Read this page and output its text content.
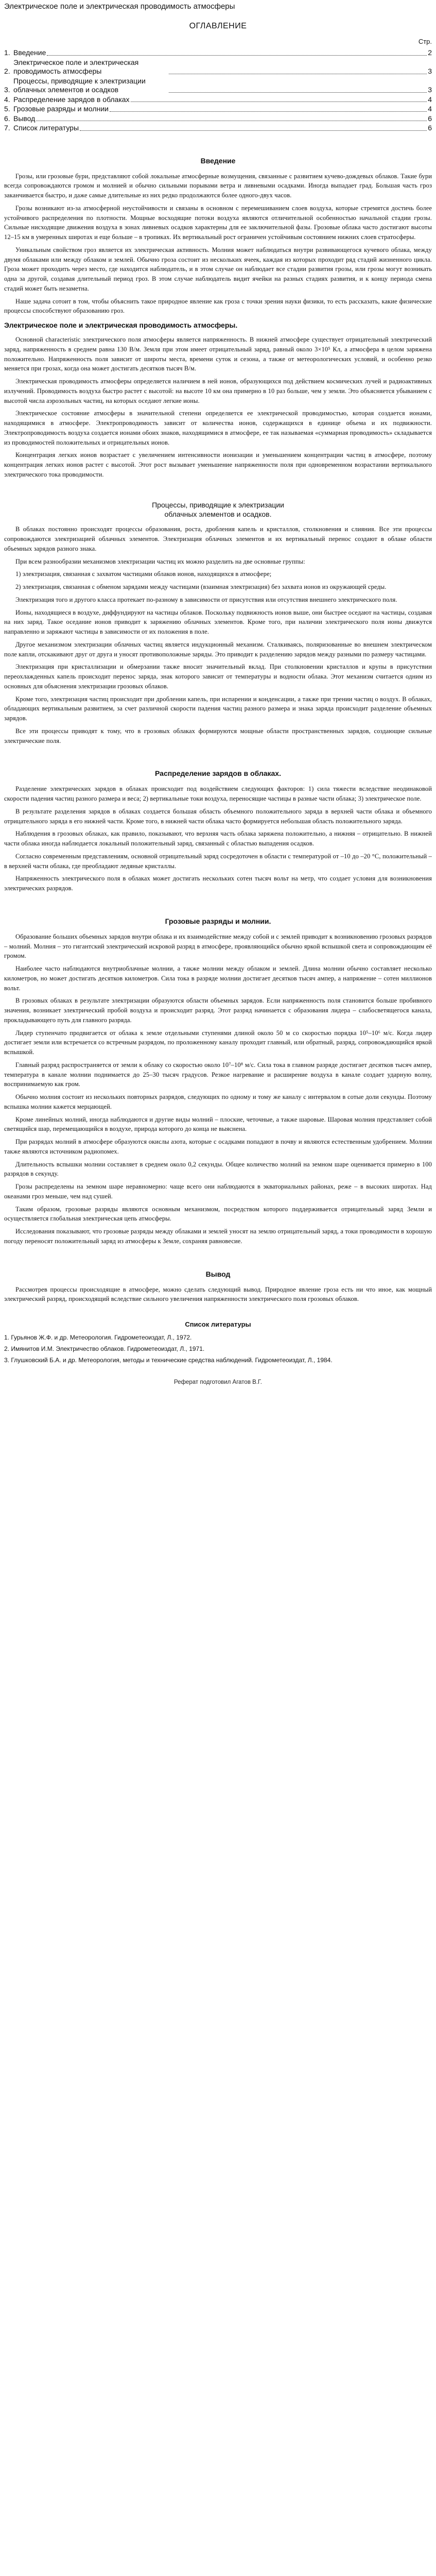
Электрическое поле и электрическая проводимость атмосферы
ОГЛАВЛЕНИЕ
Стр.
1. Введение	2
2.
Электрическое поле и электрическая проводимость атмосферы	3
3.
Процессы, приводящие к электризации облачных элементов и осадков	3
4. Распределение зарядов в облаках	4
5. Грозовые разряды и молнии	4
6. Вывод	6
7. Список литературы	6
Введение

Грозы, или грозовые бури, представляют собой локальные атмосферные возмущения, связанные с развитием кучево-дождевых облаков. Такие бури всегда сопровождаются громом и молнией и обычно сильными порывами ветра и ливневыми осадками. Иногда выпадает град. Большая часть гроз заканчивается быстро, и даже самые длительные из них редко продолжаются более одного-двух часов.

Грозы возникают из-за атмосферной неустойчивости и связаны в основном с перемешиванием слоев воздуха, которые стремятся достичь более устойчивого распределения по плотности. Мощные восходящие потоки воздуха являются отличительной особенностью начальной стадии грозы. Сильные нисходящие движения воздуха в зонах ливневых осадков характерны для ее заключительной фазы. Грозовые облака часто достигают высоты 12–15 км в умеренных широтах и еще больше – в тропиках. Их вертикальный рост ограничен устойчивым состоянием нижних слоев стратосферы.

Уникальным свойством гроз является их электрическая активность. Молния может наблюдаться внутри развивающегося кучевого облака, между двумя облаками или между облаком и землей. Обычно гроза состоит из нескольких ячеек, каждая из которых проходит ряд стадий жизненного цикла. Гроза может проходить через место, где находится наблюдатель, и в этом случае он наблюдает все стадии развития грозы, или грозы могут возникать одна за другой, создавая длительный период гроз. В этом случае наблюдатель видит ячейки на разных стадиях развития, и к концу периода смена стадий может быть незаметна.

Наше задача сотоит в том, чтобы объяснить такое природное явление как гроза с точки зрения науки физики, то есть рассказать, какие физические процессы способствуют образованию гроз.

Электрическое поле и электрическая проводимость атмосферы.

Основной characteristic электрического поля атмосферы является напряженность. В нижней атмосфере существует отрицательный электрический заряд, напряженность в среднем равна 130 В/м. Земля при этом имеет отрицательный заряд, равный около 3×10⁵ Кл, а атмосфера в целом заряжена положительно. Напряженность поля зависит от широты места, времени суток и сезона, а также от метеорологических условий, и особенно резко меняется при грозах, когда она может достигать десятков тысяч В/м.

Электрическая проводимость атмосферы определяется наличием в ней ионов, образующихся под действием космических лучей и радиоактивных излучений. Проводимость воздуха быстро растет с высотой: на высоте 10 км она примерно в 10 раз больше, чем у земли. Это объясняется убыванием с высотой числа аэрозольных частиц, на которых оседают легкие ионы.

Электрическое состояние атмосферы в значительной степени определяется ее электрической проводимостью, которая создается ионами, находящимися в атмосфере. Электропроводимость зависит от количества ионов, содержащихся в единице объема и их подвижности. Электропроводимость воздуха создается ионами обоих знаков, находящимися в атмосфере, ее так называемая «суммарная проводимость» складывается из проводимостей положительных и отрицательных ионов.

Концентрация легких ионов возрастает с увеличением интенсивности ионизации и уменьшением концентрации частиц в атмосфере, поэтому концентрация легких ионов растет с высотой. Этот рост вызывает уменьшение напряженности поля при одновременном возрастании вертикального электрического тока проводимости.

Процессы, приводящие к электризации
облачных элементов и осадков.

В облаках постоянно происходят процессы образования, роста, дробления капель и кристаллов, столкновения и слияния. Все эти процессы сопровождаются электризацией облачных элементов. Электризация облачных элементов и их вертикальный перенос создают в облаке области объемных зарядов разного знака.

При всем разнообразии механизмов электризации частиц их можно разделить на две основные группы:

1) электризация, связанная с захватом частицами облаков ионов, находящихся в атмосфере;

2) электризация, связанная с обменом зарядами между частицами (взаимная электризация) без захвата ионов из окружающей среды.

Электризация того и другого класса протекает по-разному в зависимости от присутствия или отсутствия внешнего электрического поля.

Ионы, находящиеся в воздухе, диффундируют на частицы облаков. Поскольку подвижность ионов выше, они быстрее оседают на частицы, создавая на них заряд. Такое оседание ионов приводит к заряжению облачных элементов. Кроме того, при наличии электрического поля ионы движутся направленно и заряжают частицы в зависимости от их положения в поле.

Другое механизмом электризации облачных частиц является индукционный механизм. Сталкиваясь, поляризованные во внешнем электрическом поле капли, отскакивают друг от друга и уносят противоположные заряды. Это приводит к разделению зарядов между разными по размеру частицами.

Электризация при кристаллизации и обмерзании также вносит значительный вклад. При столкновении кристаллов и крупы в присутствии переохлажденных капель происходит перенос заряда, знак которого зависит от температуры и водности облака. Этот механизм считается одним из основных для объяснения электризации грозовых облаков.

Кроме того, электризация частиц происходит при дроблении капель, при испарении и конденсации, а также при трении частиц о воздух. В облаках, обладающих вертикальным развитием, за счет различной скорости падения частиц разного размера и знака заряда происходит разделение объемных зарядов.

Все эти процессы приводят к тому, что в грозовых облаках формируются мощные области пространственных зарядов, создающие сильные электрические поля.

Распределение зарядов в облаках.

Разделение электрических зарядов в облаках происходит под воздействием следующих факторов: 1) сила тяжести вследствие неодинаковой скорости падения частиц разного размера и веса; 2) вертикальные токи воздуха, переносящие частицы в разные части облака; 3) электрическое поле.

В результате разделения зарядов в облаках создается большая область объемного положительного заряда в верхней части облака и объемного отрицательного заряда в его нижней части. Кроме того, в нижней части облака часто формируется небольшая область положительного заряда.

Наблюдения в грозовых облаках, как правило, показывают, что верхняя часть облака заряжена положительно, а нижняя – отрицательно. В нижней части облака иногда наблюдается локальный положительный заряд, связанный с областью выпадения осадков.

Согласно современным представлениям, основной отрицательный заряд сосредоточен в области с температурой от –10 до –20 °С, положительный – в верхней части облака, где преобладают ледяные кристаллы.

Напряженность электрического поля в облаках может достигать нескольких сотен тысяч вольт на метр, что создает условия для возникновения электрических разрядов.

Грозовые разряды и молнии.

Образование больших объемных зарядов внутри облака и их взаимодействие между собой и с землей приводит к возникновению грозовых разрядов – молний. Молния – это гигантский электрический искровой разряд в атмосфере, проявляющийся обычно яркой вспышкой света и сопровождающим её громом.

Наиболее часто наблюдаются внутриоблачные молнии, а также молнии между облаком и землей. Длина молнии обычно составляет несколько километров, но может достигать десятков километров. Сила тока в разряде молнии достигает десятков тысяч ампер, а напряжение – сотен миллионов вольт.

В грозовых облаках в результате электризации образуются области объемных зарядов. Если напряженность поля становится больше пробивного значения, возникает электрический пробой воздуха и происходит разряд. Этот разряд начинается с образования лидера – слабосветящегося канала, прокладывающего путь для главного разряда.

Лидер ступенчато продвигается от облака к земле отдельными ступенями длиной около 50 м со скоростью порядка 10⁵–10⁶ м/с. Когда лидер достигает земли или встречается со встречным разрядом, по проложенному каналу проходит главный, или обратный, разряд, сопровождающийся яркой вспышкой.

Главный разряд распространяется от земли к облаку со скоростью около 10⁷–10⁸ м/с. Сила тока в главном разряде достигает десятков тысяч ампер, температура в канале молнии поднимается до 25–30 тысяч градусов. Резкое нагревание и расширение воздуха в канале создает ударную волну, воспринимаемую как гром.

Обычно молния состоит из нескольких повторных разрядов, следующих по одному и тому же каналу с интервалом в сотые доли секунды. Поэтому вспышка молнии кажется мерцающей.

Кроме линейных молний, иногда наблюдаются и другие виды молний – плоские, четочные, а также шаровые. Шаровая молния представляет собой светящийся шар, перемещающийся в воздухе, природа которого до конца не выяснена.

При разрядах молний в атмосфере образуются окислы азота, которые с осадками попадают в почву и являются естественным удобрением. Молнии также являются источником радиопомех.

Длительность вспышки молнии составляет в среднем около 0,2 секунды. Общее количество молний на земном шаре оценивается примерно в 100 разрядов в секунду.

Грозы распределены на земном шаре неравномерно: чаще всего они наблюдаются в экваториальных районах, реже – в высоких широтах. Над океанами гроз меньше, чем над сушей.

Таким образом, грозовые разряды являются основным механизмом, посредством которого поддерживается отрицательный заряд Земли и осуществляется глобальная электрическая цепь атмосферы.

Исследования показывают, что грозовые разряды между облаками и землей уносят на землю отрицательный заряд, а токи проводимости в хорошую погоду переносят положительный заряд из атмосферы к Земле, сохраняя равновесие.

Вывод

Рассмотрев процессы происходящие в атмосфере, можно сделать следующий вывод. Природное явление гроза есть ни что иное, как мощный электрический разряд, происходящий вследствие сильного увеличения напряженности электрического поля грозовых облаков.

Список литературы
1. Гурьянов Ж.Ф. и др. Метеорология. Гидрометеоиздат, Л., 1972.
2. Имянитов И.М. Электричество облаков. Гидрометеоиздат, Л., 1971.
3. Глушковский Б.А. и др. Метеорология, методы и технические средства наблюдений. Гидрометеоиздат, Л., 1984.
Реферат подготовил Агатов В.Г.
